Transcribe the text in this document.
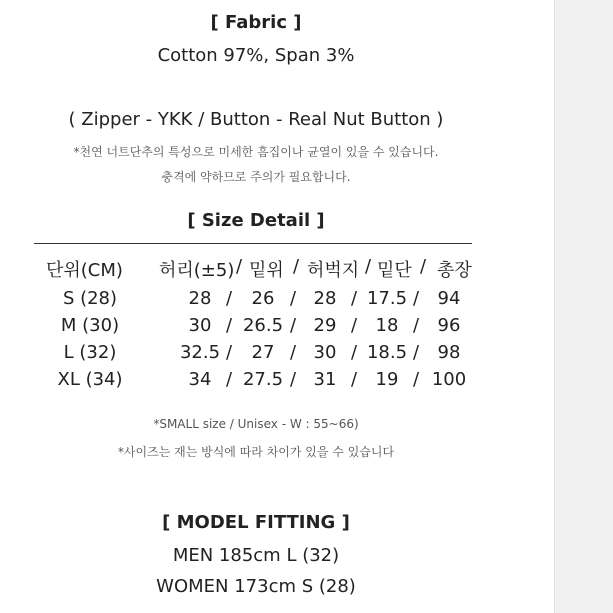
[ Fabric ]
Cotton 97%, Span 3%
( Zipper - YKK / Button - Real Nut Button )
*천연 너트단추의 특성으로 미세한 흠집이나 균열이 있을 수 있습니다.
충격에 약하므로 주의가 필요합니다.
[ Size Detail ]
단위(CM) 허리(±5) / 밑위 / 허벅지 / 밑단 / 총장
S (28)	28 /	26 / 28 / 17.5 /	94
M (30)	30 / 26.5 / 29 /	18 /	96
L (32)	32.5 /	27 / 30 / 18.5 /	98
XL (34)	34 / 27.5 / 31 /	19 / 100
*SMALL size / Unisex - W : 55~66)
*사이즈는 재는 방식에 따라 차이가 있을 수 있습니다
[ MODEL FITTING ]
MEN 185cm L (32)
WOMEN 173cm S (28)
